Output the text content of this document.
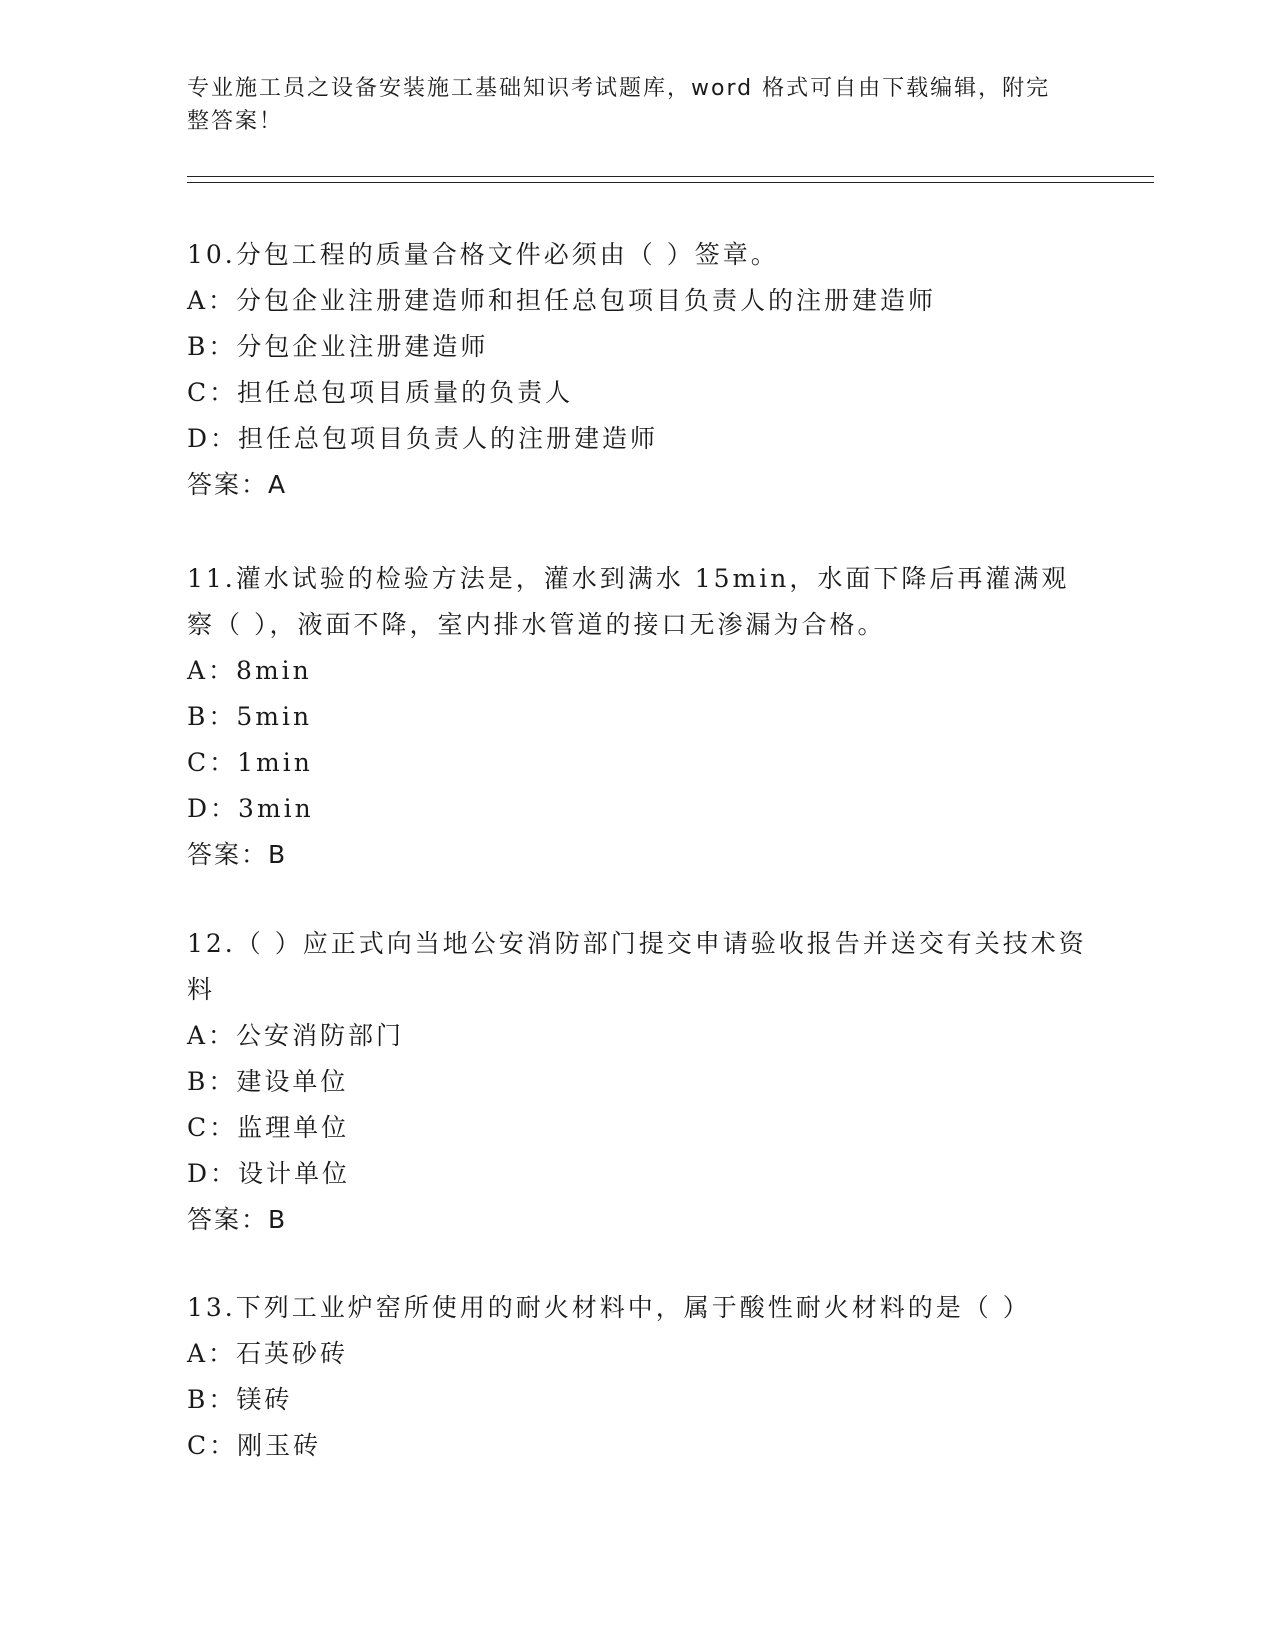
专业施工员之设备安装施工基础知识考试题库，word 格式可自由下载编辑，附完
整答案！

10.分包工程的质量合格文件必须由（ ）签章。

A：分包企业注册建造师和担任总包项目负责人的注册建造师

B：分包企业注册建造师

C：担任总包项目质量的负责人

D：担任总包项目负责人的注册建造师

答案：A

11.灌水试验的检验方法是，灌水到满水 15min，水面下降后再灌满观察（ ），液面不降，室内排水管道的接口无渗漏为合格。

A：8min

B：5min

C：1min

D：3min

答案：B

12.（ ）应正式向当地公安消防部门提交申请验收报告并送交有关技术资料

A：公安消防部门

B：建设单位

C：监理单位

D：设计单位

答案：B

13.下列工业炉窑所使用的耐火材料中，属于酸性耐火材料的是（ ）

A：石英砂砖

B：镁砖

C：刚玉砖
